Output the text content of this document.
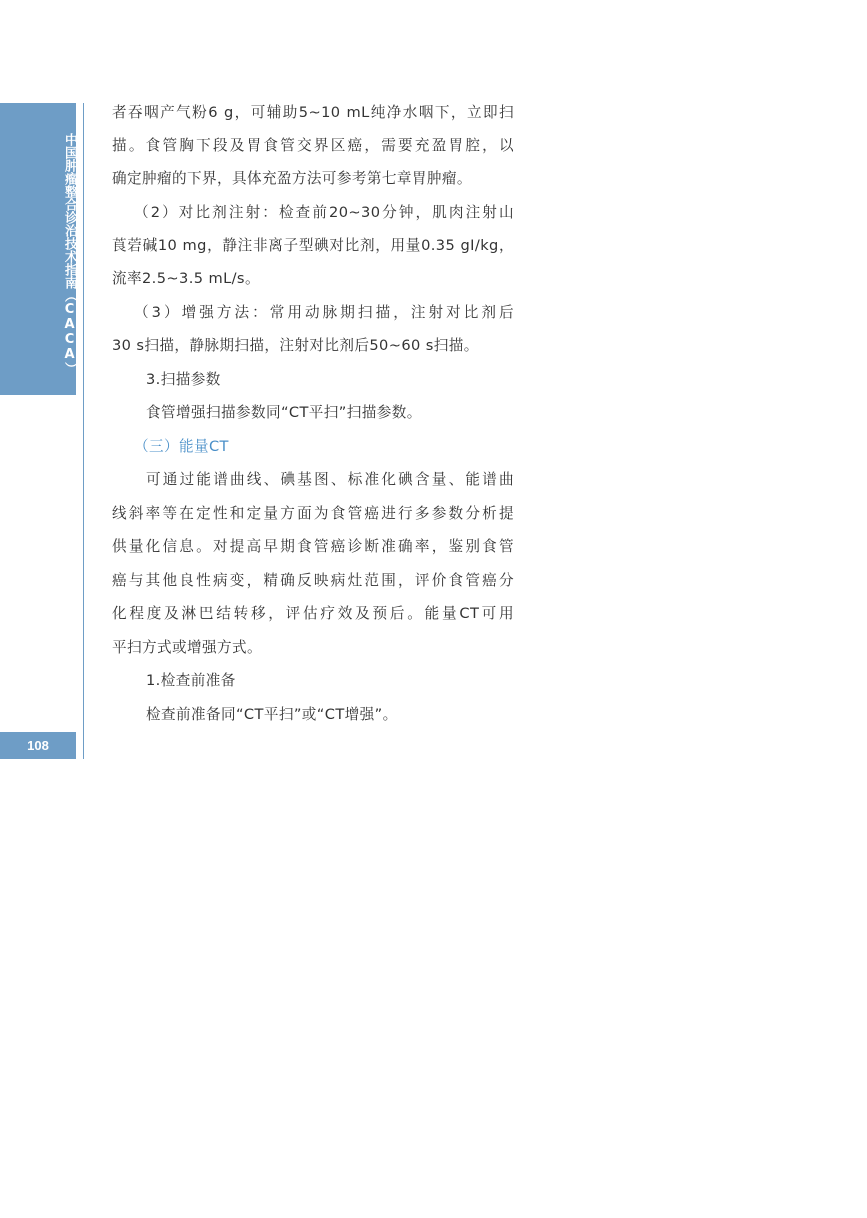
中国肿瘤整合诊治技术指南（CACA）
108
者吞咽产气粉6 g，可辅助5~10 mL纯净水咽下，立即扫
描。食管胸下段及胃食管交界区癌，需要充盈胃腔，以
确定肿瘤的下界，具体充盈方法可参考第七章胃肿瘤。
（2）对比剂注射：检查前20~30分钟，肌肉注射山
莨菪碱10 mg，静注非离子型碘对比剂，用量0.35 gI/kg，
流率2.5~3.5 mL/s。
（3）增强方法：常用动脉期扫描，注射对比剂后
30 s扫描，静脉期扫描，注射对比剂后50~60 s扫描。
3.扫描参数
食管增强扫描参数同“CT平扫”扫描参数。
（三）能量CT
可通过能谱曲线、碘基图、标准化碘含量、能谱曲
线斜率等在定性和定量方面为食管癌进行多参数分析提
供量化信息。对提高早期食管癌诊断准确率，鉴别食管
癌与其他良性病变，精确反映病灶范围，评价食管癌分
化程度及淋巴结转移，评估疗效及预后。能量CT可用
平扫方式或增强方式。
1.检查前准备
检查前准备同“CT平扫”或“CT增强”。
